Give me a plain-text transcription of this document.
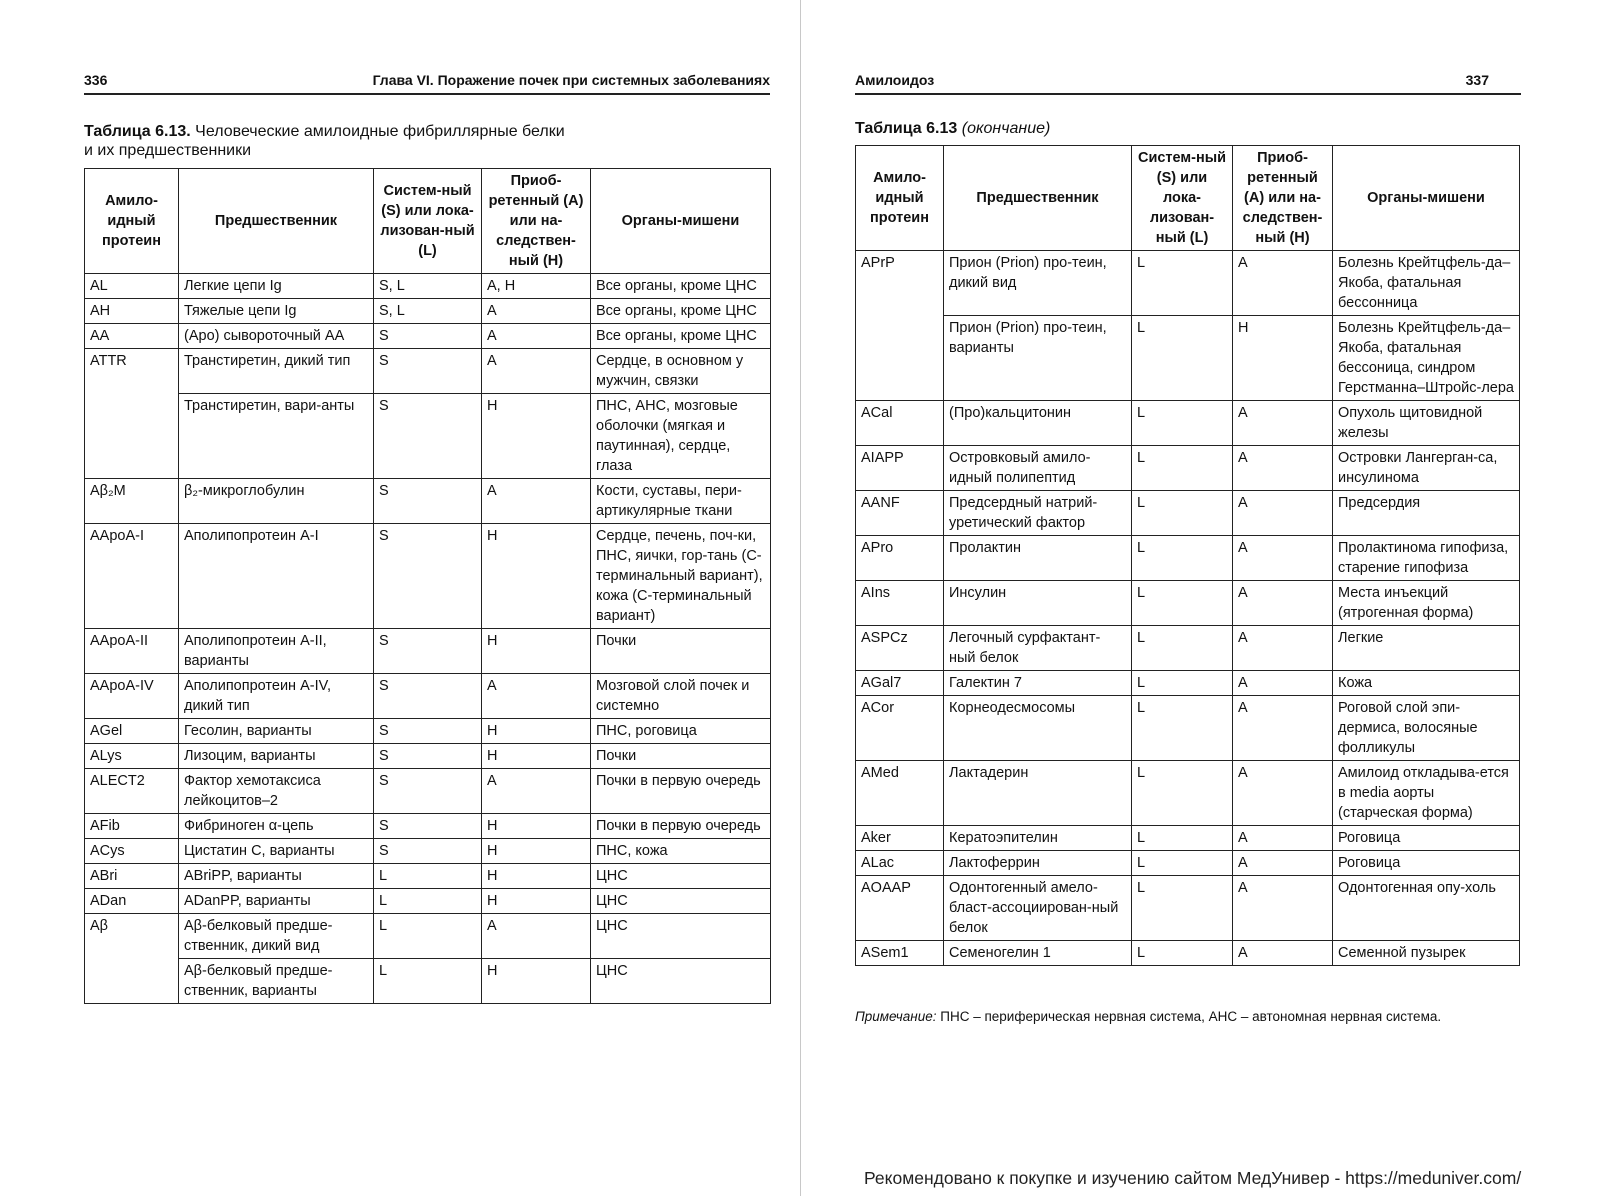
336	Глава VI. Поражение почек при системных заболеваниях
Таблица 6.13. Человеческие амилоидные фибриллярные белки
и их предшественники
Амило-идный протеин	Предшественник	Систем-ный (S) или лока-лизован-ный (L)	Приоб-ретенный (А) или на-следствен-ный (Н)	Органы-мишени
AL	Легкие цепи Ig	S, L	A, H	Все органы, кроме ЦНС
AH	Тяжелые цепи Ig	S, L	A	Все органы, кроме ЦНС
AA	(Apo) сывороточный AA	S	A	Все органы, кроме ЦНС
ATTR	Транстиретин, дикий тип	S	A	Сердце, в основном у мужчин, связки
	Транстиретин, вари-анты	S	H	ПНС, АНС, мозговые оболочки (мягкая и паутинная), сердце, глаза
Aβ₂M	β₂-микроглобулин	S	A	Кости, суставы, пери-артикулярные ткани
AApoA-I	Аполипопротеин A-I	S	H	Сердце, печень, поч-ки, ПНС, яички, гор-тань (С-терминальный вариант), кожа (С-терминальный вариант)
AApoA-II	Аполипопротеин A-II, варианты	S	H	Почки
AApoA-IV	Аполипопротеин A-IV, дикий тип	S	A	Мозговой слой почек и системно
AGel	Гесолин, варианты	S	H	ПНС, роговица
ALys	Лизоцим, варианты	S	H	Почки
ALECT2	Фактор хемотаксиса лейкоцитов–2	S	A	Почки в первую очередь
AFib	Фибриноген α-цепь	S	H	Почки в первую очередь
ACys	Цистатин С, варианты	S	H	ПНС, кожа
ABri	ABriPP, варианты	L	H	ЦНС
ADan	ADanPP, варианты	L	H	ЦНС
Aβ	Aβ-белковый предше-ственник, дикий вид	L	A	ЦНС
	Aβ-белковый предше-ственник, варианты	L	H	ЦНС
Амилоидоз	337
Таблица 6.13 (окончание)
Амило-идный протеин	Предшественник	Систем-ный (S) или лока-лизован-ный (L)	Приоб-ретенный (А) или на-следствен-ный (Н)	Органы-мишени
APrP	Прион (Prion) про-теин, дикий вид	L	A	Болезнь Крейтцфель-да–Якоба, фатальная бессонница
	Прион (Prion) про-теин, варианты	L	H	Болезнь Крейтцфель-да–Якоба, фатальная бессоница, синдром Герстманна–Штройс-лера
ACal	(Про)кальцитонин	L	A	Опухоль щитовидной железы
AIAPP	Островковый амило-идный полипептид	L	A	Островки Лангерган-са, инсулинома
AANF	Предсердный натрий-уретический фактор	L	A	Предсердия
APro	Пролактин	L	A	Пролактинома гипофиза, старение гипофиза
AIns	Инсулин	L	A	Места инъекций (ятрогенная форма)
ASPCz	Легочный сурфактант-ный белок	L	A	Легкие
AGal7	Галектин 7	L	A	Кожа
ACor	Корнеодесмосомы	L	A	Роговой слой эпи-дермиса, волосяные фолликулы
AMed	Лактадерин	L	A	Амилоид откладыва-ется в media аорты (старческая форма)
Aker	Кератоэпителин	L	A	Роговица
ALac	Лактоферрин	L	A	Роговица
AOAAP	Одонтогенный амело-бласт-ассоциирован-ный белок	L	A	Одонтогенная опу-холь
ASem1	Семеногелин 1	L	A	Семенной пузырек
Примечание: ПНС – периферическая нервная система, АНС – автономная нервная система.
Рекомендовано к покупке и изучению сайтом МедУнивер - https://meduniver.com/
